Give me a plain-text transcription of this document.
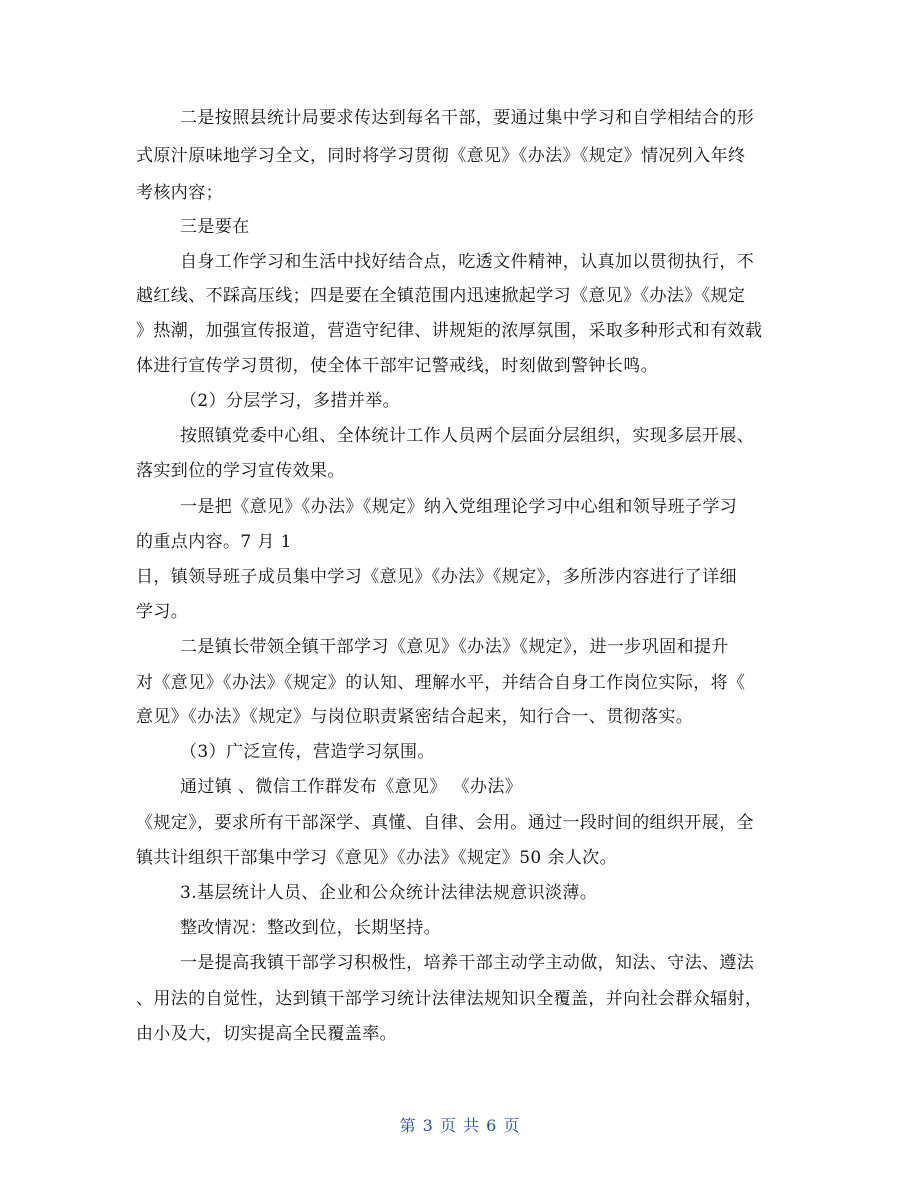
二是按照县统计局要求传达到每名干部，要通过集中学习和自学相结合的形
式原汁原味地学习全文，同时将学习贯彻《意见》《办法》《规定》情况列入年终
考核内容；
三是要在
自身工作学习和生活中找好结合点，吃透文件精神，认真加以贯彻执行，不
越红线、不踩高压线；四是要在全镇范围内迅速掀起学习《意见》《办法》《规定
》热潮，加强宣传报道，营造守纪律、讲规矩的浓厚氛围，采取多种形式和有效载
体进行宣传学习贯彻，使全体干部牢记警戒线，时刻做到警钟长鸣。
（2）分层学习，多措并举。
按照镇党委中心组、全体统计工作人员两个层面分层组织，实现多层开展、
落实到位的学习宣传效果。
一是把《意见》《办法》《规定》纳入党组理论学习中心组和领导班子学习
的重点内容。7 月 1
日，镇领导班子成员集中学习《意见》《办法》《规定》，多所涉内容进行了详细
学习。
二是镇长带领全镇干部学习《意见》《办法》《规定》，进一步巩固和提升
对《意见》《办法》《规定》的认知、理解水平，并结合自身工作岗位实际，将《
意见》《办法》《规定》与岗位职责紧密结合起来，知行合一、贯彻落实。
（3）广泛宣传，营造学习氛围。
通过镇 、微信工作群发布《意见》 《办法》
《规定》，要求所有干部深学、真懂、自律、会用。通过一段时间的组织开展，全
镇共计组织干部集中学习《意见》《办法》《规定》50 余人次。
3.基层统计人员、企业和公众统计法律法规意识淡薄。
整改情况：整改到位，长期坚持。
一是提高我镇干部学习积极性，培养干部主动学主动做，知法、守法、遵法
、用法的自觉性，达到镇干部学习统计法律法规知识全覆盖，并向社会群众辐射，
由小及大，切实提高全民覆盖率。
第 3 页 共 6 页
